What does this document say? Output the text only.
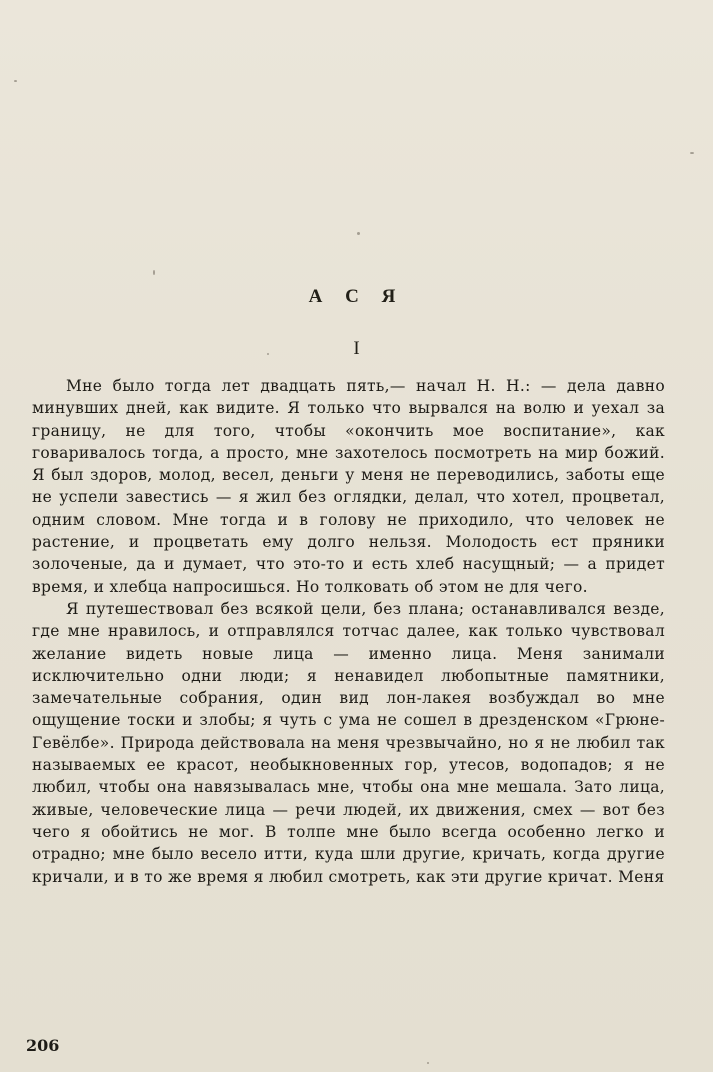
А С Я
I

Мне было тогда лет двадцать пять,— начал Н. Н.: — дела давно минувших дней, как видите. Я только что вырвался на волю и уехал за границу, не для того, чтобы «окончить мое воспитание», как говаривалось тогда, а просто, мне захотелось посмотреть на мир божий. Я был здоров, молод, весел, деньги у меня не переводились, заботы еще не успели завестись — я жил без оглядки, делал, что хотел, процветал, одним словом. Мне тогда и в голову не приходило, что человек не растение, и процветать ему долго нельзя. Молодость ест пряники золоченые, да и думает, что это-то и есть хлеб насущный; — а придет время, и хлебца напросишься. Но толковать об этом не для чего.

Я путешествовал без всякой цели, без плана; останавливался везде, где мне нравилось, и отправлялся тотчас далее, как только чувствовал желание видеть новые лица — именно лица. Меня занимали исключительно одни люди; я ненавидел любопытные памятники, замечательные собрания, один вид лон-лакея возбуждал во мне ощущение тоски и злобы; я чуть с ума не сошел в дрезденском «Грюне-Гевёлбе». Природа действовала на меня чрезвычайно, но я не любил так называемых ее красот, необыкновенных гор, утесов, водопадов; я не любил, чтобы она навязывалась мне, чтобы она мне мешала. Зато лица, живые, человеческие лица — речи людей, их движения, смех — вот без чего я обойтись не мог. В толпе мне было всегда особенно легко и отрадно; мне было весело итти, куда шли другие, кричать, когда другие кричали, и в то же время я любил смотреть, как эти другие кричат. Меня

206
